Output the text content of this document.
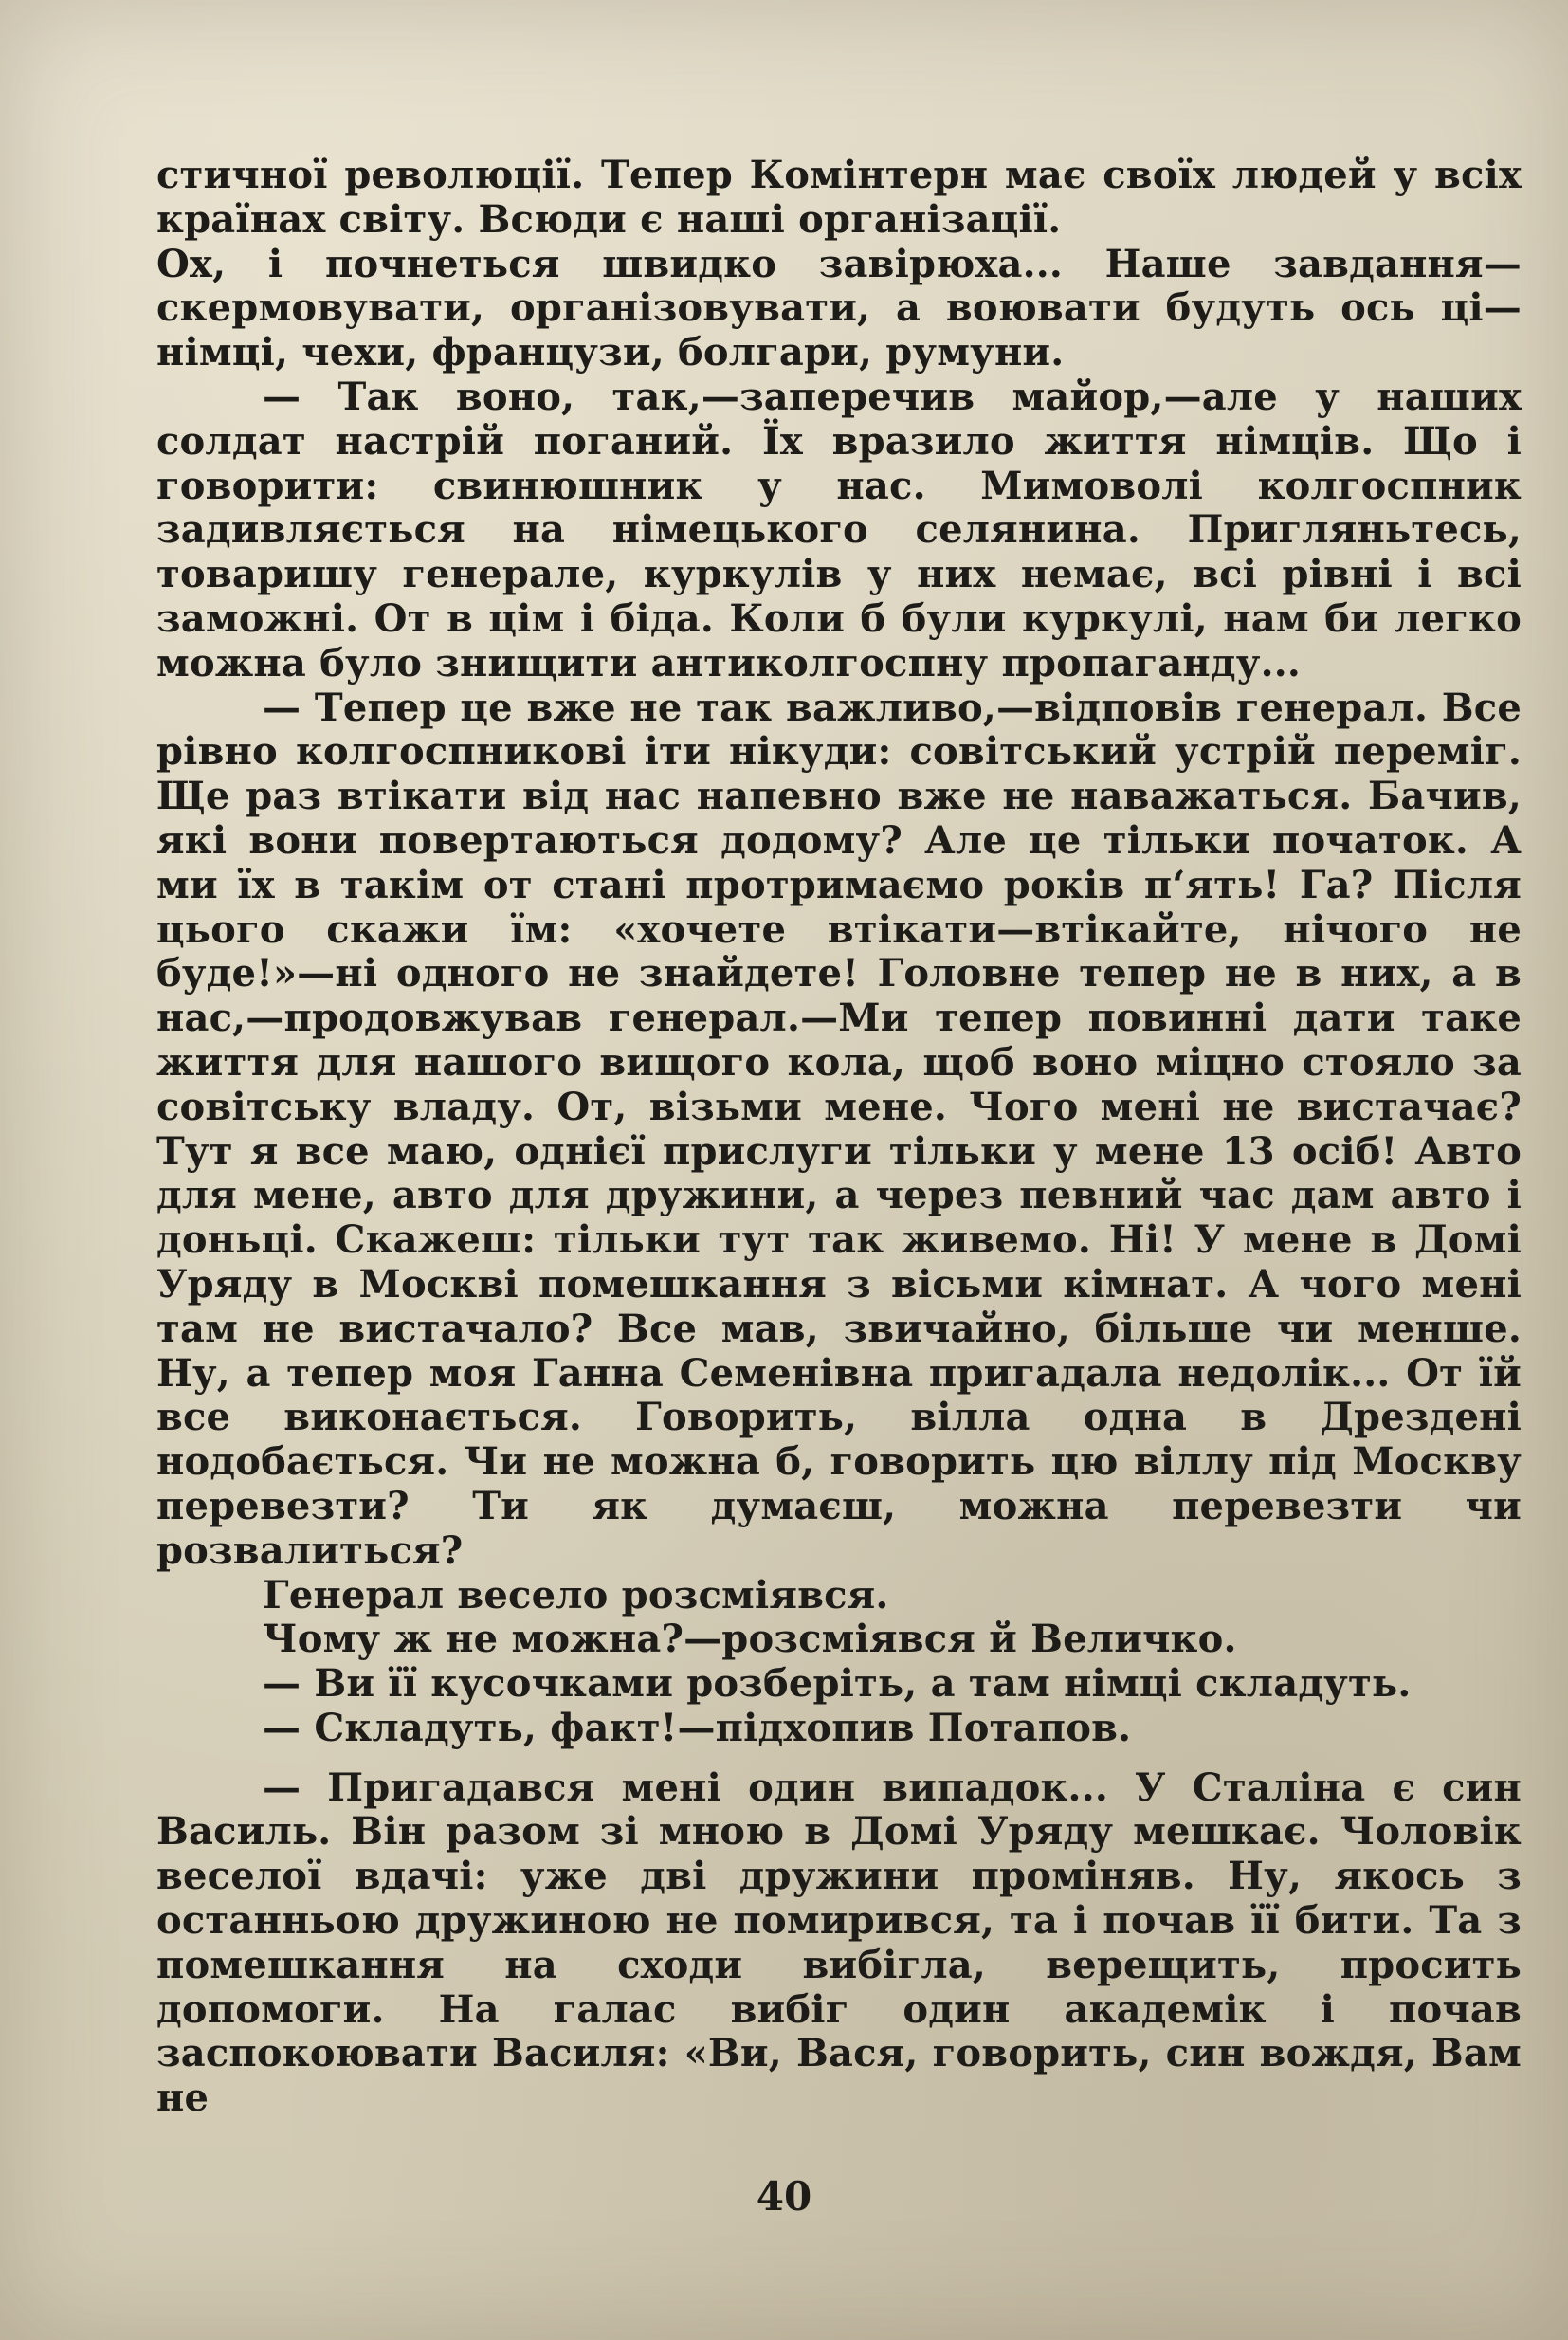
стичної революції. Тепер Комінтерн має своїх людей у всіх країнах світу. Всюди є наші організації.

Ох, і почнеться швидко завірюха... Наше завдання—скермовувати, організовувати, а воювати будуть ось ці—німці, чехи, французи, болгари, румуни.

— Так воно, так,—заперечив майор,—але у наших солдат настрій поганий. Їх вразило життя німців. Що і говорити: свинюшник у нас. Мимоволі колгоспник задивляється на німецького селянина. Пригляньтесь, товаришу генерале, куркулів у них немає, всі рівні і всі заможні. От в цім і біда. Коли б були куркулі, нам би легко можна було знищити антиколгоспну пропаганду...

— Тепер це вже не так важливо,—відповів генерал. Все рівно колгоспникові іти нікуди: совітський устрій переміг. Ще раз втікати від нас напевно вже не наважаться. Бачив, які вони повертаються додому? Але це тільки початок. А ми їх в такім от стані протримаємо років п‘ять! Га? Після цього скажи їм: «хочете втікати—втікайте, нічого не буде!»—ні одного не знайдете! Головне тепер не в них, а в нас,—продовжував генерал.—Ми тепер повинні дати таке життя для нашого вищого кола, щоб воно міцно стояло за совітську владу. От, візьми мене. Чого мені не вистачає? Тут я все маю, однієї прислуги тільки у мене 13 осіб! Авто для мене, авто для дружини, а через певний час дам авто і доньці. Скажеш: тільки тут так живемо. Ні! У мене в Домі Уряду в Москві помешкання з вісьми кімнат. А чого мені там не вистачало? Все мав, звичайно, більше чи менше. Ну, а тепер моя Ганна Семенівна пригадала недолік... От їй все виконається. Говорить, вілла одна в Дрездені нодобається. Чи не можна б, говорить цю віллу під Москву перевезти? Ти як думаєш, можна перевезти чи розвалиться?

Генерал весело розсміявся.

Чому ж не можна?—розсміявся й Величко.

— Ви її кусочками розберіть, а там німці складуть.

— Складуть, факт!—підхопив Потапов.

— Пригадався мені один випадок... У Сталіна є син Василь. Він разом зі мною в Домі Уряду мешкає. Чоловік веселої вдачі: уже дві дружини проміняв. Ну, якось з останньою дружиною не помирився, та і почав її бити. Та з помешкання на сходи вибігла, верещить, просить допомоги. На галас вибіг один академік і почав заспокоювати Василя: «Ви, Вася, говорить, син вождя, Вам не

40
